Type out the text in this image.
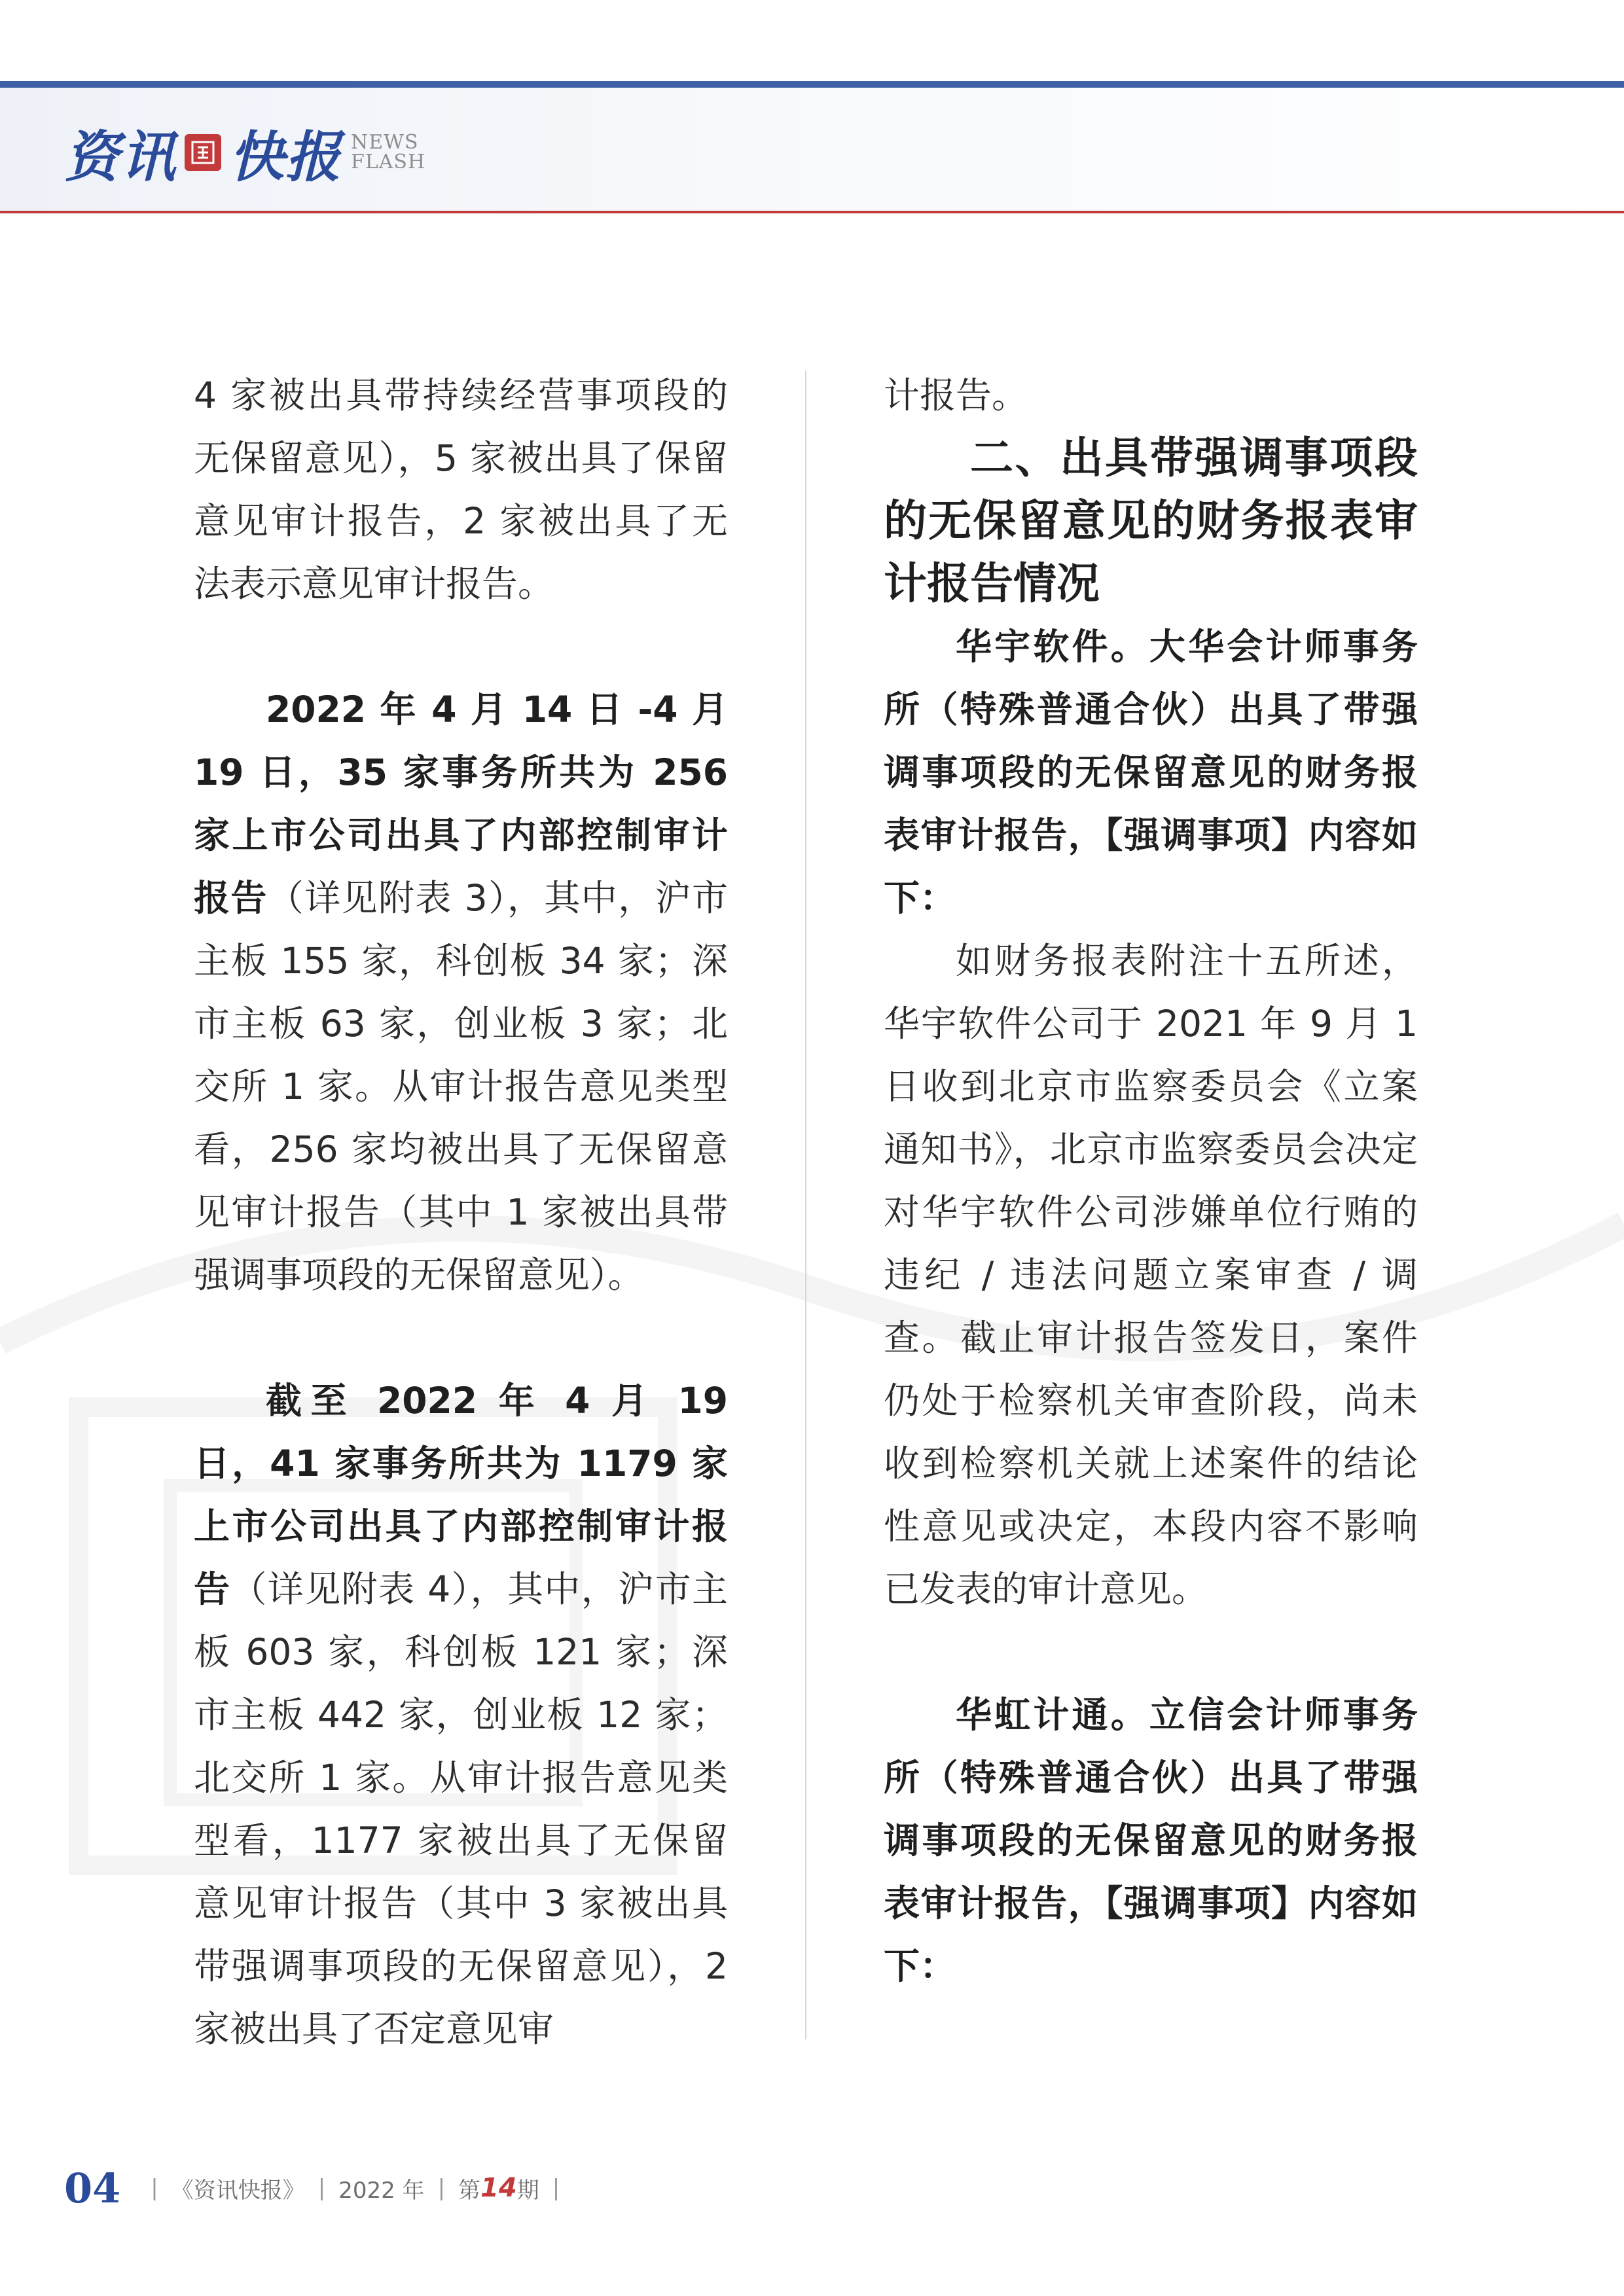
资讯 快报 NEWS
FLASH

4 家被出具带持续经营事项段的无保留意见），5 家被出具了保留意见审计报告，2 家被出具了无法表示意见审计报告。

2022 年 4 月 14 日 -4 月 19 日，35 家事务所共为 256 家上市公司出具了内部控制审计报告（详见附表 3），其中，沪市主板 155 家，科创板 34 家；深市主板 63 家，创业板 3 家；北交所 1 家。从审计报告意见类型看，256 家均被出具了无保留意见审计报告（其中 1 家被出具带强调事项段的无保留意见）。

截至 2022 年 4 月 19 日，41 家事务所共为 1179 家上市公司出具了内部控制审计报告（详见附表 4），其中，沪市主板 603 家，科创板 121 家；深市主板 442 家，创业板 12 家；北交所 1 家。从审计报告意见类型看，1177 家被出具了无保留意见审计报告（其中 3 家被出具带强调事项段的无保留意见），2 家被出具了否定意见审

计报告。

二、出具带强调事项段的无保留意见的财务报表审计报告情况

华宇软件。大华会计师事务所（特殊普通合伙）出具了带强调事项段的无保留意见的财务报表审计报告，【强调事项】内容如下：

如财务报表附注十五所述，华宇软件公司于 2021 年 9 月 1 日收到北京市监察委员会《立案通知书》，北京市监察委员会决定对华宇软件公司涉嫌单位行贿的违纪 / 违法问题立案审查 / 调查。截止审计报告签发日，案件仍处于检察机关审查阶段，尚未收到检察机关就上述案件的结论性意见或决定，本段内容不影响已发表的审计意见。

华虹计通。立信会计师事务所（特殊普通合伙）出具了带强调事项段的无保留意见的财务报表审计报告，【强调事项】内容如下：

04 | 《资讯快报》 | 2022 年 | 第 14 期 |
